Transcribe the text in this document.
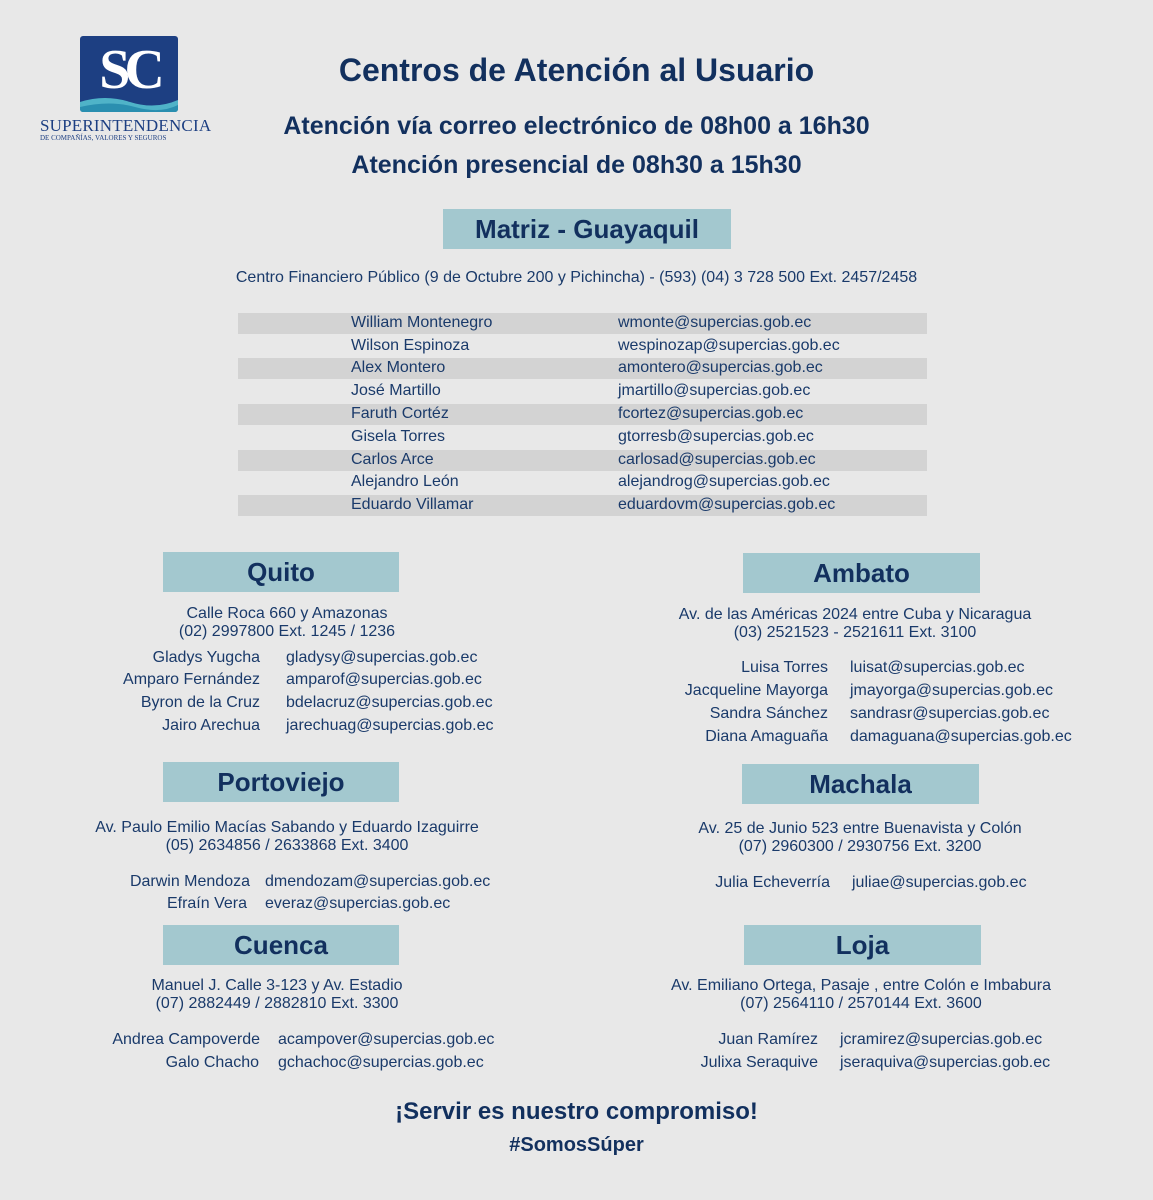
SC
SUPERINTENDENCIA
DE COMPAÑÍAS, VALORES Y SEGUROS
Centros de Atención al Usuario
Atención vía correo electrónico de 08h00 a 16h30
Atención presencial de 08h30 a 15h30
Matriz - Guayaquil
Centro Financiero Público (9 de Octubre 200 y Pichincha) - (593) (04) 3 728 500 Ext. 2457/2458
William Montenegro	wmonte@supercias.gob.ec
Wilson Espinoza	wespinozap@supercias.gob.ec
Alex Montero	amontero@supercias.gob.ec
José Martillo	jmartillo@supercias.gob.ec
Faruth Cortéz	fcortez@supercias.gob.ec
Gisela Torres	gtorresb@supercias.gob.ec
Carlos Arce	carlosad@supercias.gob.ec
Alejandro León	alejandrog@supercias.gob.ec
Eduardo Villamar	eduardovm@supercias.gob.ec
Quito
Calle Roca 660 y Amazonas
(02) 2997800 Ext. 1245 / 1236
Gladys Yugcha gladysy@supercias.gob.ec
Amparo Fernández amparof@supercias.gob.ec
Byron de la Cruz bdelacruz@supercias.gob.ec
Jairo Arechua jarechuag@supercias.gob.ec
Ambato
Av. de las Américas 2024 entre Cuba y Nicaragua
(03) 2521523 - 2521611 Ext. 3100
Luisa Torres luisat@supercias.gob.ec
Jacqueline Mayorga jmayorga@supercias.gob.ec
Sandra Sánchez sandrasr@supercias.gob.ec
Diana Amaguaña damaguana@supercias.gob.ec
Portoviejo
Av. Paulo Emilio Macías Sabando y Eduardo Izaguirre
(05) 2634856 / 2633868 Ext. 3400
Darwin Mendoza dmendozam@supercias.gob.ec
Efraín Vera everaz@supercias.gob.ec
Machala
Av. 25 de Junio 523 entre Buenavista y Colón
(07) 2960300 / 2930756 Ext. 3200
Julia Echeverría juliae@supercias.gob.ec
Cuenca
Manuel J. Calle 3-123 y Av. Estadio
(07) 2882449 / 2882810 Ext. 3300
Andrea Campoverde acampover@supercias.gob.ec
Galo Chacho gchachoc@supercias.gob.ec
Loja
Av. Emiliano Ortega, Pasaje , entre Colón e Imbabura
(07) 2564110 / 2570144 Ext. 3600
Juan Ramírez jcramirez@supercias.gob.ec
Julixa Seraquive jseraquiva@supercias.gob.ec
¡Servir es nuestro compromiso!
#SomosSúper
